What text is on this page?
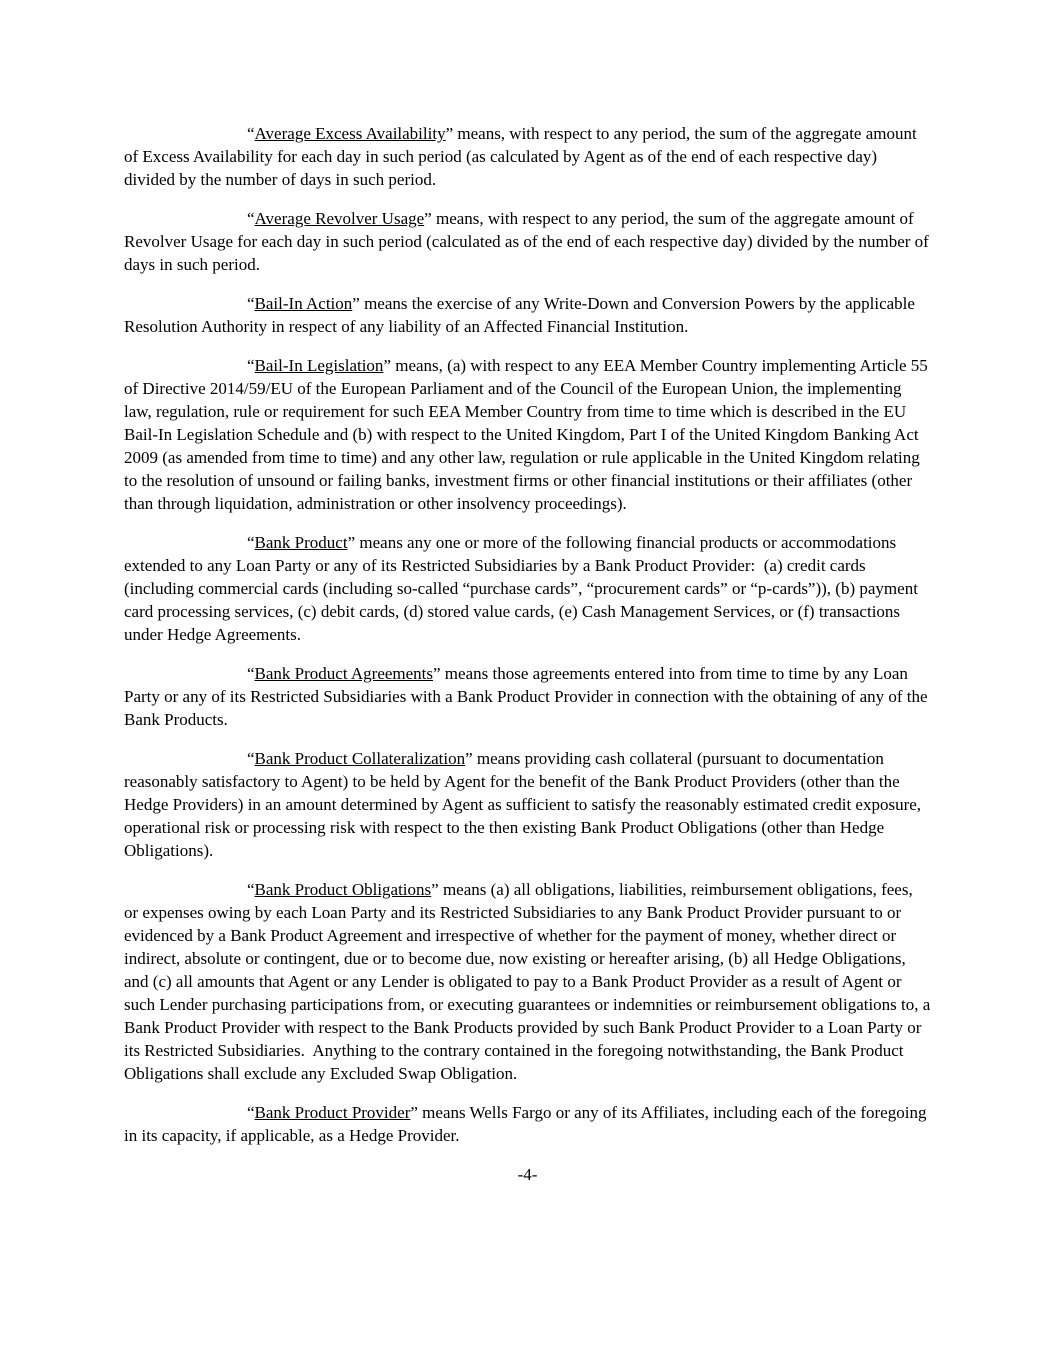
“Average Excess Availability” means, with respect to any period, the sum of the aggregate amount of Excess Availability for each day in such period (as calculated by Agent as of the end of each respective day) divided by the number of days in such period.

“Average Revolver Usage” means, with respect to any period, the sum of the aggregate amount of Revolver Usage for each day in such period (calculated as of the end of each respective day) divided by the number of days in such period.

“Bail-In Action” means the exercise of any Write-Down and Conversion Powers by the applicable Resolution Authority in respect of any liability of an Affected Financial Institution.

“Bail-In Legislation” means, (a) with respect to any EEA Member Country implementing Article 55 of Directive 2014/59/EU of the European Parliament and of the Council of the European Union, the implementing law, regulation, rule or requirement for such EEA Member Country from time to time which is described in the EU Bail-In Legislation Schedule and (b) with respect to the United Kingdom, Part I of the United Kingdom Banking Act 2009 (as amended from time to time) and any other law, regulation or rule applicable in the United Kingdom relating to the resolution of unsound or failing banks, investment firms or other financial institutions or their affiliates (other than through liquidation, administration or other insolvency proceedings).

“Bank Product” means any one or more of the following financial products or accommodations extended to any Loan Party or any of its Restricted Subsidiaries by a Bank Product Provider:  (a) credit cards (including commercial cards (including so-called “purchase cards”, “procurement cards” or “p-cards”)), (b) payment card processing services, (c) debit cards, (d) stored value cards, (e) Cash Management Services, or (f) transactions under Hedge Agreements.

“Bank Product Agreements” means those agreements entered into from time to time by any Loan Party or any of its Restricted Subsidiaries with a Bank Product Provider in connection with the obtaining of any of the Bank Products.

“Bank Product Collateralization” means providing cash collateral (pursuant to documentation reasonably satisfactory to Agent) to be held by Agent for the benefit of the Bank Product Providers (other than the Hedge Providers) in an amount determined by Agent as sufficient to satisfy the reasonably estimated credit exposure, operational risk or processing risk with respect to the then existing Bank Product Obligations (other than Hedge Obligations).

“Bank Product Obligations” means (a) all obligations, liabilities, reimbursement obligations, fees, or expenses owing by each Loan Party and its Restricted Subsidiaries to any Bank Product Provider pursuant to or evidenced by a Bank Product Agreement and irrespective of whether for the payment of money, whether direct or indirect, absolute or contingent, due or to become due, now existing or hereafter arising, (b) all Hedge Obligations, and (c) all amounts that Agent or any Lender is obligated to pay to a Bank Product Provider as a result of Agent or such Lender purchasing participations from, or executing guarantees or indemnities or reimbursement obligations to, a Bank Product Provider with respect to the Bank Products provided by such Bank Product Provider to a Loan Party or its Restricted Subsidiaries.  Anything to the contrary contained in the foregoing notwithstanding, the Bank Product Obligations shall exclude any Excluded Swap Obligation.

“Bank Product Provider” means Wells Fargo or any of its Affiliates, including each of the foregoing in its capacity, if applicable, as a Hedge Provider.

-4-
